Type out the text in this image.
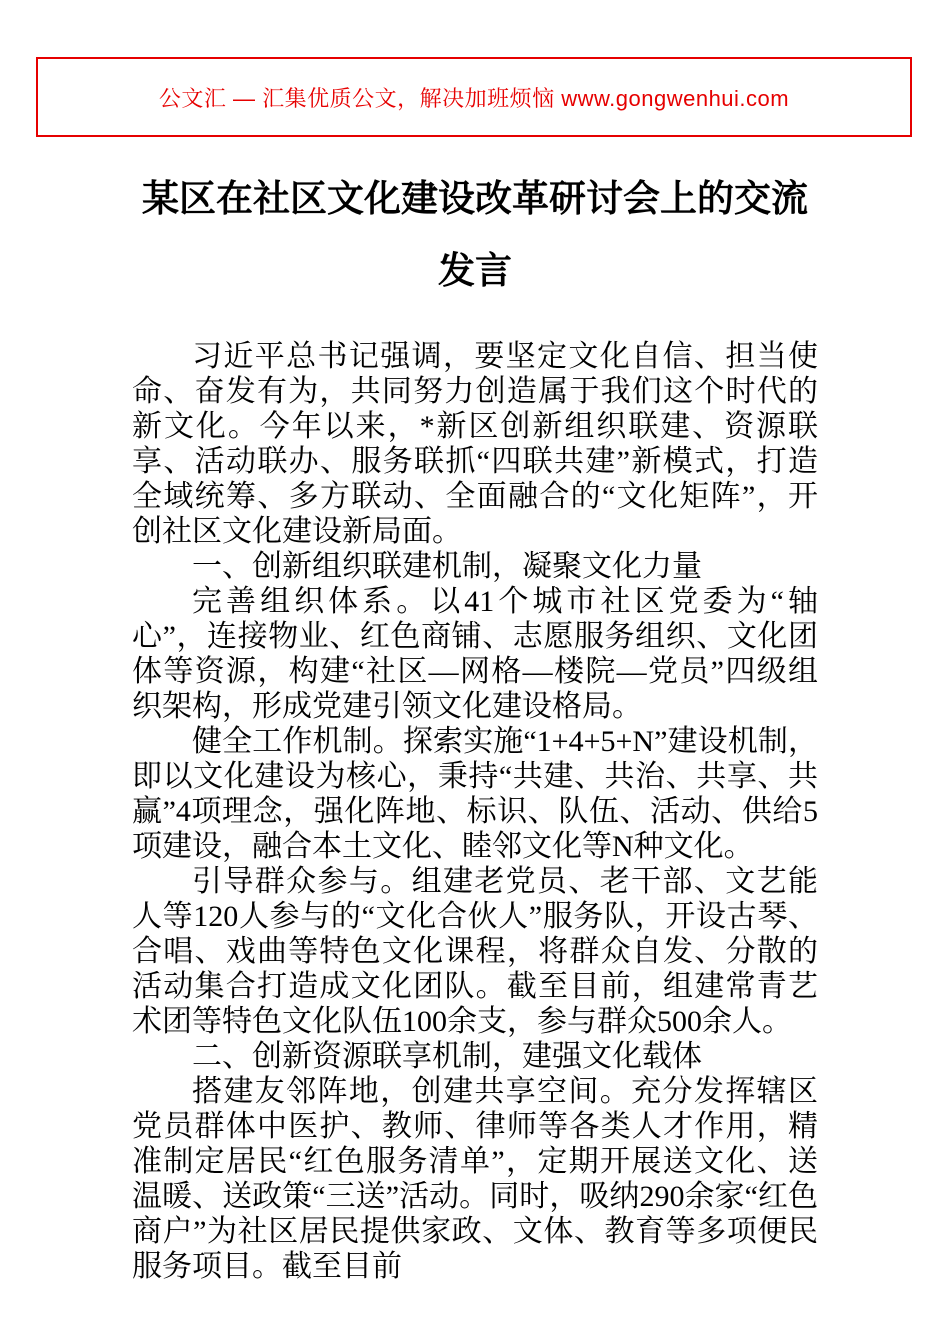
公文汇 — 汇集优质公文，解决加班烦恼 www.gongwenhui.com
某区在社区文化建设改革研讨会上的交流发言

习近平总书记强调，要坚定文化自信、担当使命、奋发有为，共同努力创造属于我们这个时代的新文化。今年以来，*新区创新组织联建、资源联享、活动联办、服务联抓“四联共建”新模式，打造全域统筹、多方联动、全面融合的“文化矩阵”，开创社区文化建设新局面。

一、创新组织联建机制，凝聚文化力量

完善组织体系。以41个城市社区党委为“轴心”，连接物业、红色商铺、志愿服务组织、文化团体等资源，构建“社区—网格—楼院—党员”四级组织架构，形成党建引领文化建设格局。

健全工作机制。探索实施“1+4+5+N”建设机制，即以文化建设为核心，秉持“共建、共治、共享、共赢”4项理念，强化阵地、标识、队伍、活动、供给5项建设，融合本土文化、睦邻文化等N种文化。

引导群众参与。组建老党员、老干部、文艺能人等120人参与的“文化合伙人”服务队，开设古琴、合唱、戏曲等特色文化课程，将群众自发、分散的活动集合打造成文化团队。截至目前，组建常青艺术团等特色文化队伍100余支，参与群众500余人。

二、创新资源联享机制，建强文化载体

搭建友邻阵地，创建共享空间。充分发挥辖区党员群体中医护、教师、律师等各类人才作用，精准制定居民“红色服务清单”，定期开展送文化、送温暖、送政策“三送”活动。同时，吸纳290余家“红色商户”为社区居民提供家政、文体、教育等多项便民服务项目。截至目前
